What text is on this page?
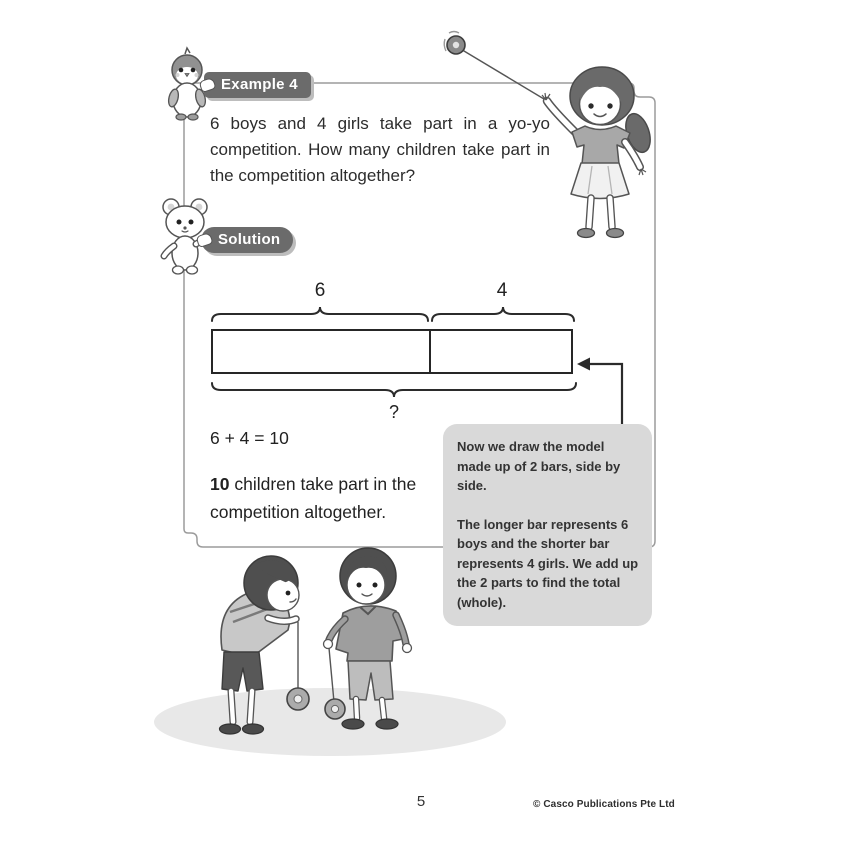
Example 4
6 boys and 4 girls take part in a yo-yo competition. How many children take part in the competition altogether?
Solution
6	4
?
6 + 4 = 10
10 children take part in the competition altogether.

Now we draw the model made up of 2 bars, side by side.

The longer bar represents 6 boys and the shorter bar represents 4 girls. We add up the 2 parts to find the total (whole).

5	© Casco Publications Pte Ltd
